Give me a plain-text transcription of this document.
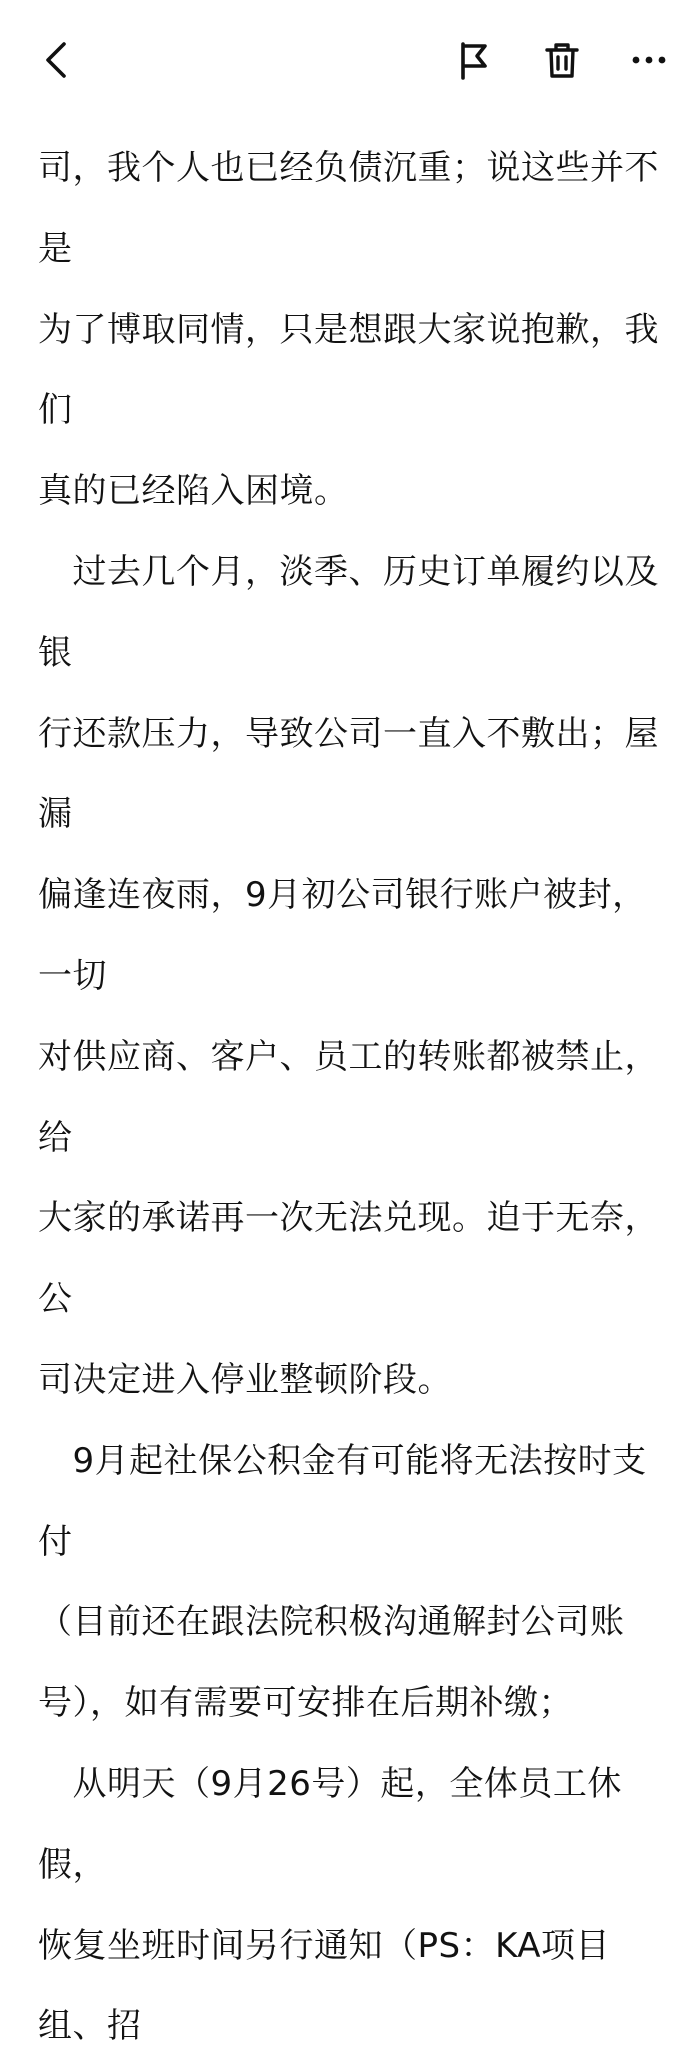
司，我个人也已经负债沉重；说这些并不是
为了博取同情，只是想跟大家说抱歉，我们
真的已经陷入困境。

　过去几个月，淡季、历史订单履约以及银
行还款压力，导致公司一直入不敷出；屋漏
偏逢连夜雨，9月初公司银行账户被封，一切
对供应商、客户、员工的转账都被禁止，给
大家的承诺再一次无法兑现。迫于无奈，公
司决定进入停业整顿阶段。

　9月起社保公积金有可能将无法按时支付
（目前还在跟法院积极沟通解封公司账
号），如有需要可安排在后期补缴；

　从明天（9月26号）起，全体员工休假，
恢复坐班时间另行通知（PS：KA项目组、招
